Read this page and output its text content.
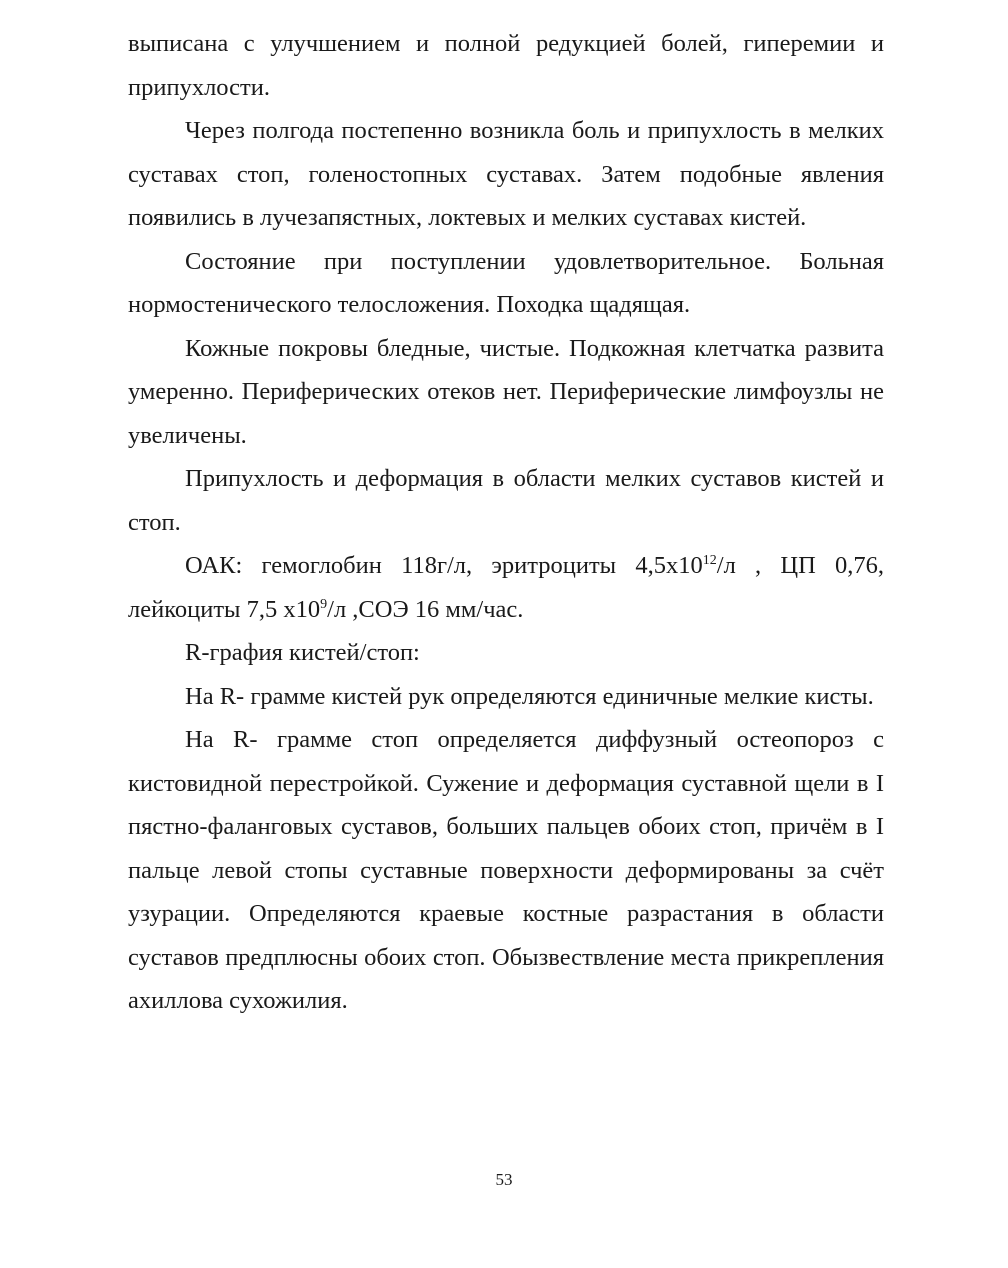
выписана с улучшением и полной редукцией болей, гиперемии и припухлости.

Через полгода постепенно возникла боль и припухлость в мелких суставах стоп, голеностопных суставах. Затем подобные явления появились в лучезапястных, локтевых и мелких суставах кистей.

Состояние при поступлении удовлетворительное. Больная нормостенического телосложения. Походка щадящая.

Кожные покровы бледные, чистые. Подкожная клетчатка развита умеренно. Периферических отеков нет. Периферические лимфоузлы не увеличены.

Припухлость и деформация в области мелких суставов кистей и стоп.

ОАК: гемоглобин 118г/л, эритроциты $4,5х10^{12}/л$ , ЦП 0,76, лейкоциты 7,5 $х10^9/л$ ,СОЭ 16 мм/час.

R-графия кистей/стоп:

На R- грамме кистей рук определяются единичные мелкие кисты.

На R- грамме стоп определяется диффузный остеопороз с кистовидной перестройкой. Сужение и деформация суставной щели в I пястно-фаланговых суставов, больших пальцев обоих стоп, причём в I пальце левой стопы суставные поверхности деформированы за счёт узурации. Определяются краевые костные разрастания в области суставов предплюсны обоих стоп. Обызвествление места прикрепления ахиллова сухожилия.

53
